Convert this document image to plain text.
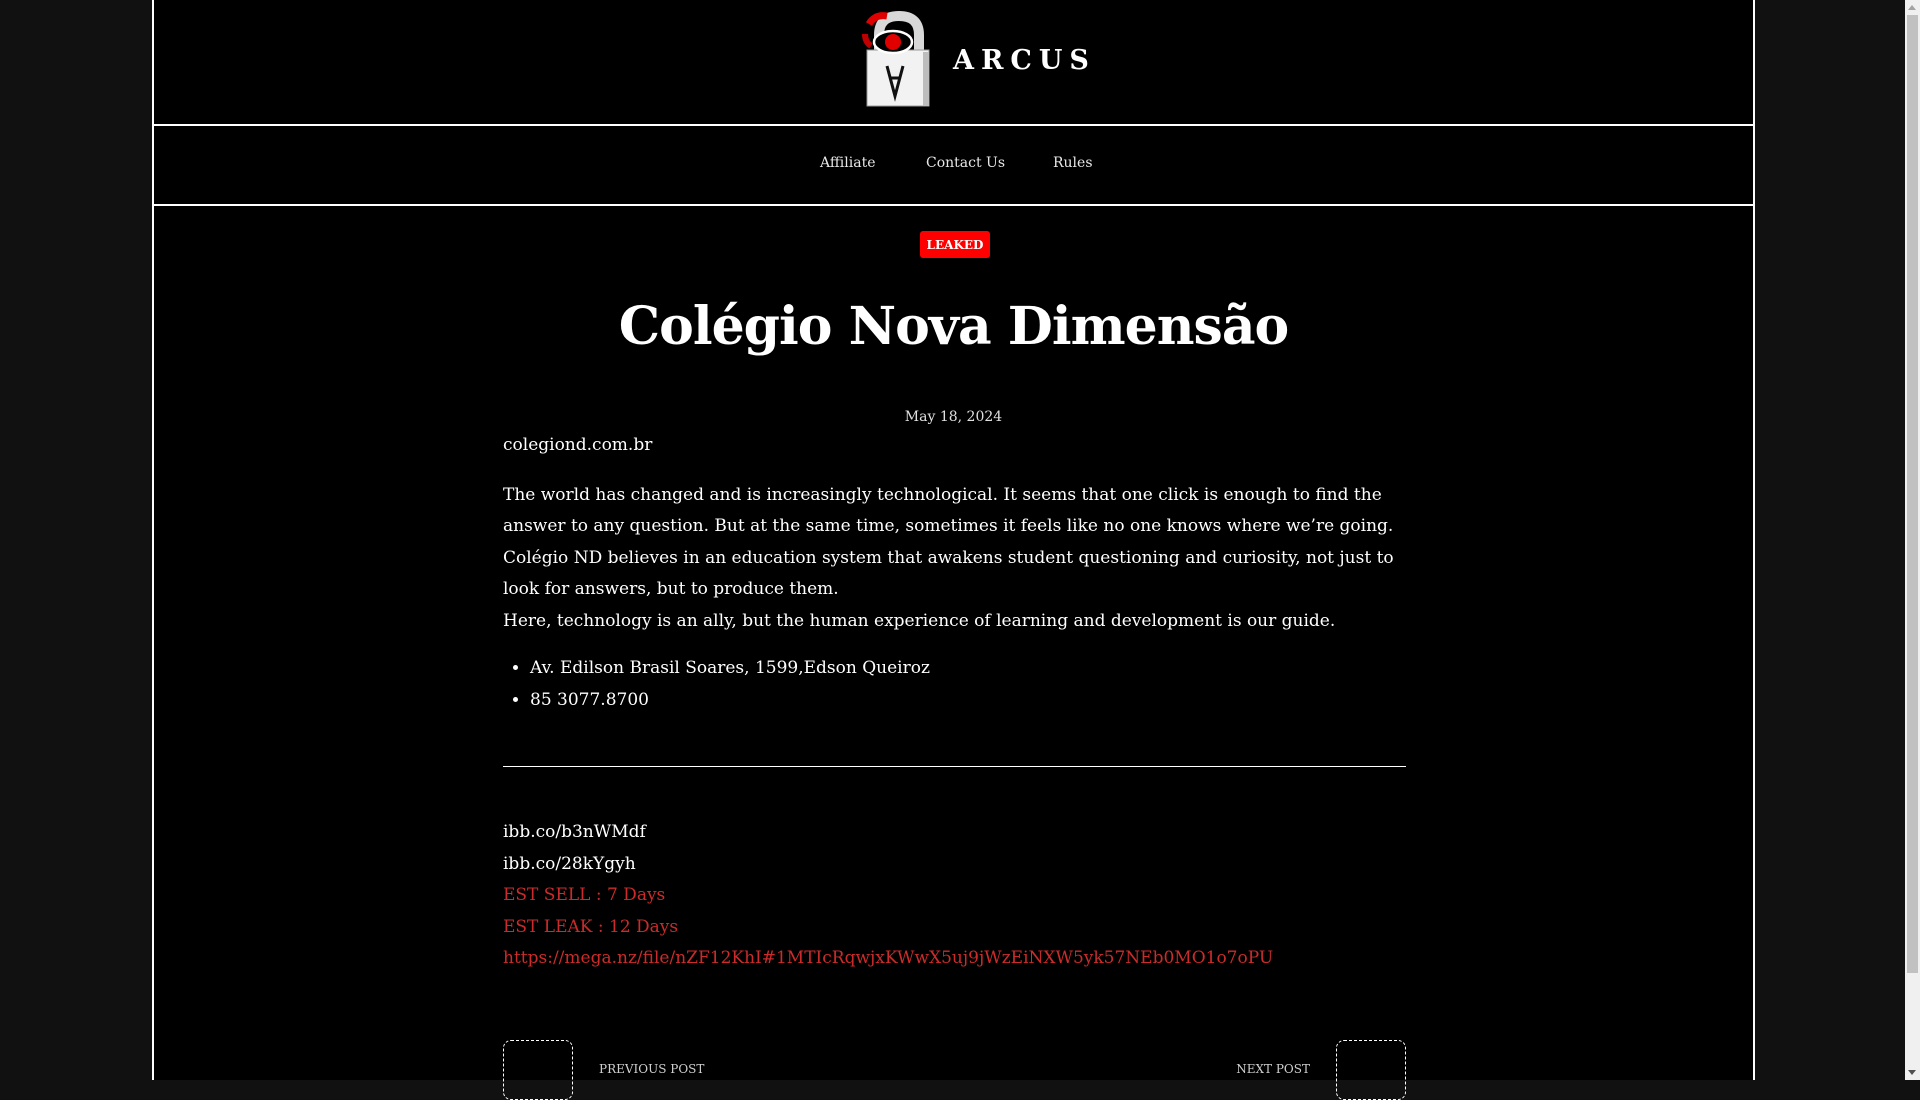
ARCUS
Affiliate	Contact Us	Rules
LEAKED
Colégio Nova Dimensão
May 18, 2024

colegiond.com.br

The world has changed and is increasingly technological. It seems that one click is enough to find the answer to any question. But at the same time, sometimes it feels like no one knows where we’re going.

Colégio ND believes in an education system that awakens student questioning and curiosity, not just to look for answers, but to produce them.

Here, technology is an ally, but the human experience of learning and development is our guide.

• Av. Edilson Brasil Soares, 1599,Edson Queiroz
• 85 3077.8700
ibb.co/b3nWMdf
ibb.co/28kYgyh
EST SELL : 7 Days
EST LEAK : 12 Days
https://mega.nz/file/nZF12KhI#1MTIcRqwjxKWwX5uj9jWzEiNXW5yk57NEb0MO1o7oPU
PREVIOUS POST	NEXT POST
